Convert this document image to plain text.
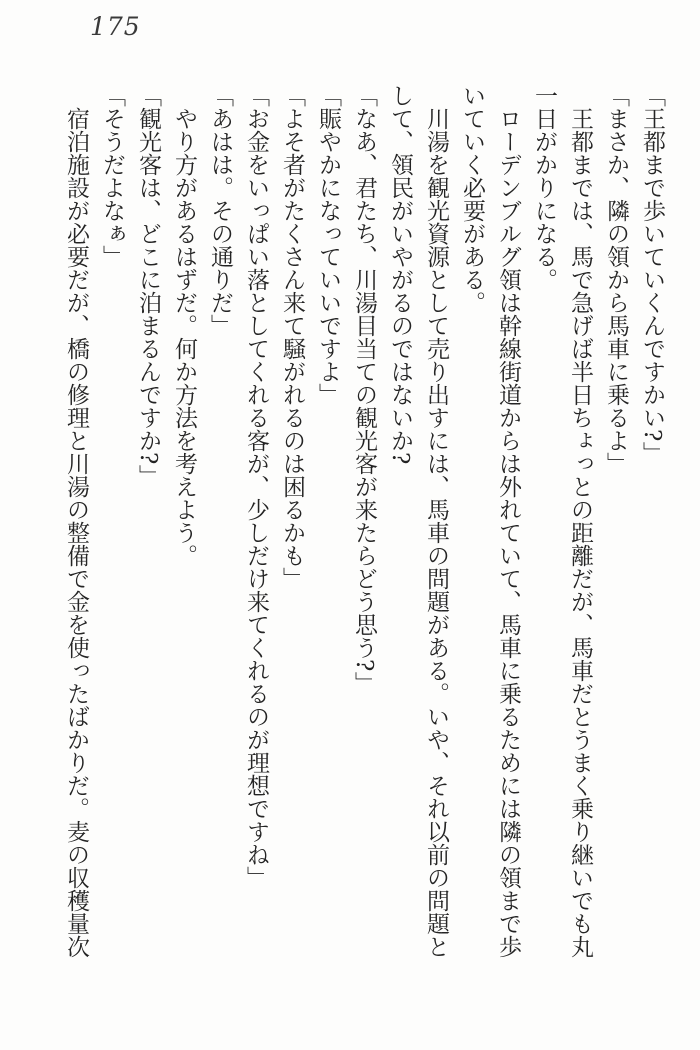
175

「王都まで歩いていくんですかい?」

「まさか、隣の領から馬車に乗るよ」

王都までは、馬で急げば半日ちょっとの距離だが、馬車だとうまく乗り継いでも丸一日がかりになる。

ローデンブルグ領は幹線街道からは外れていて、馬車に乗るためには隣の領まで歩いていく必要がある。

川湯を観光資源として売り出すには、馬車の問題がある。いや、それ以前の問題として、領民がいやがるのではないか?

「なあ、君たち、川湯目当ての観光客が来たらどう思う?」

「賑やかになっていいですよ」

「よそ者がたくさん来て騒がれるのは困るかも」

「お金をいっぱい落としてくれる客が、少しだけ来てくれるのが理想ですね」

「あはは。その通りだ」

やり方があるはずだ。何か方法を考えよう。

「観光客は、どこに泊まるんですか?」

「そうだよなぁ」

宿泊施設が必要だが、橋の修理と川湯の整備で金を使ったばかりだ。麦の収穫量次
